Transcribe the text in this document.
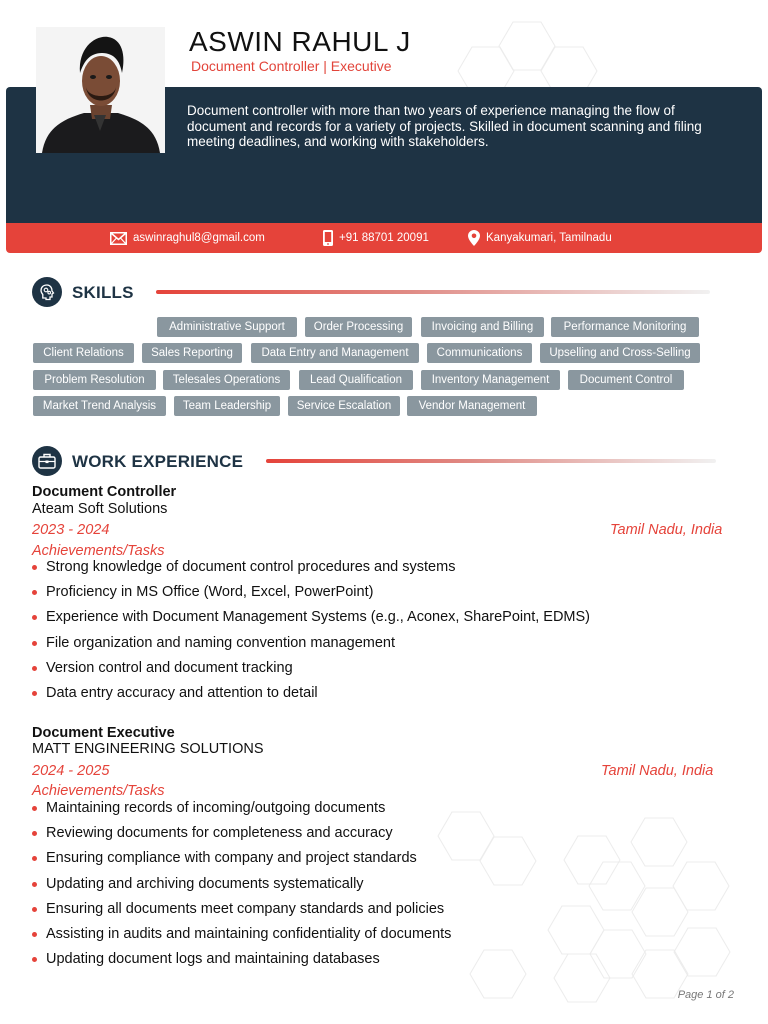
ASWIN RAHUL J
Document Controller | Executive
Document controller with more than two years of experience managing the flow of document and records for a variety of projects. Skilled in document scanning and filing meeting deadlines, and working with stakeholders.
aswinraghul8@gmail.com	+91 88701 20091	Kanyakumari, Tamilnadu
SKILLS
Administrative Support	Order Processing	Invoicing and Billing	Performance Monitoring
Client Relations	Sales Reporting	Data Entry and Management	Communications	Upselling and Cross-Selling
Problem Resolution	Telesales Operations	Lead Qualification	Inventory Management	Document Control
Market Trend Analysis	Team Leadership	Service Escalation	Vendor Management
WORK EXPERIENCE
Document Controller
Ateam Soft Solutions
2023 - 2024	Tamil Nadu, India
Achievements/Tasks
Strong knowledge of document control procedures and systems
Proficiency in MS Office (Word, Excel, PowerPoint)
Experience with Document Management Systems (e.g., Aconex, SharePoint, EDMS)
File organization and naming convention management
Version control and document tracking
Data entry accuracy and attention to detail
Document Executive
MATT ENGINEERING SOLUTIONS
2024 - 2025	Tamil Nadu, India
Achievements/Tasks
Maintaining records of incoming/outgoing documents
Reviewing documents for completeness and accuracy
Ensuring compliance with company and project standards
Updating and archiving documents systematically
Ensuring all documents meet company standards and policies
Assisting in audits and maintaining confidentiality of documents
Updating document logs and maintaining databases
Page 1 of 2
